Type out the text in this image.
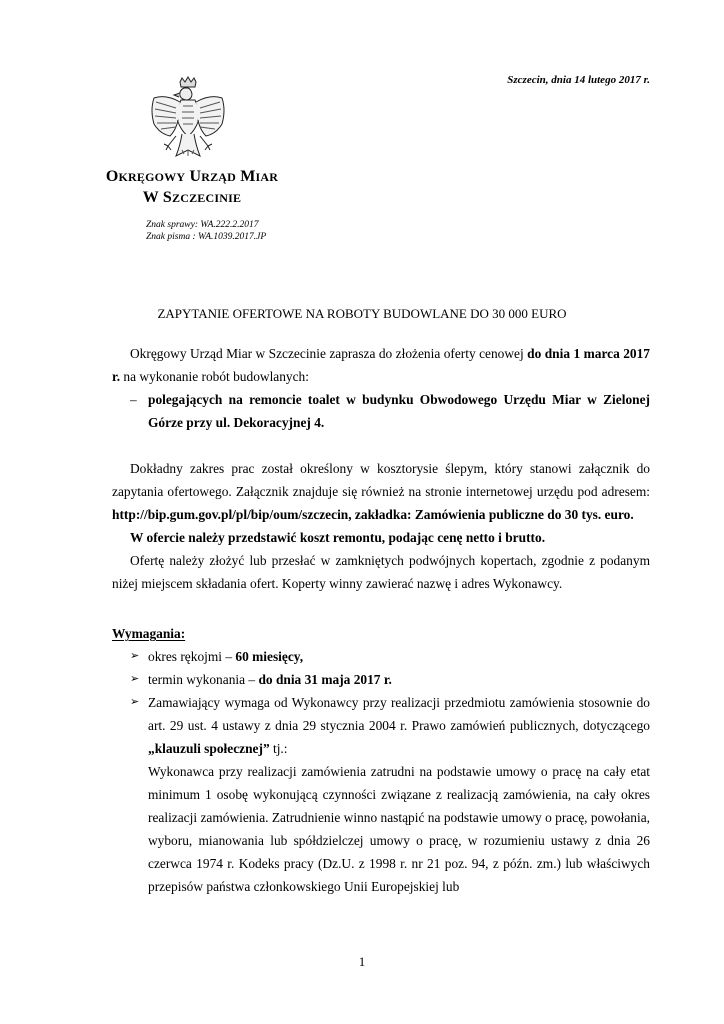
Szczecin, dnia 14 lutego 2017 r.
OKRĘGOWY URZĄD MIAR
W SZCZECINIE
Znak sprawy: WA.222.2.2017
Znak pisma : WA.1039.2017.JP
ZAPYTANIE OFERTOWE NA ROBOTY BUDOWLANE DO 30 000 EURO

Okręgowy Urząd Miar w Szczecinie zaprasza do złożenia oferty cenowej do dnia 1 marca 2017 r. na wykonanie robót budowlanych:

– polegających na remoncie toalet w budynku Obwodowego Urzędu Miar w Zielonej Górze przy ul. Dekoracyjnej 4.

Dokładny zakres prac został określony w kosztorysie ślepym, który stanowi załącznik do zapytania ofertowego. Załącznik znajduje się również na stronie internetowej urzędu pod adresem: http://bip.gum.gov.pl/pl/bip/oum/szczecin, zakładka: Zamówienia publiczne do 30 tys. euro.

W ofercie należy przedstawić koszt remontu, podając cenę netto i brutto.

Ofertę należy złożyć lub przesłać w zamkniętych podwójnych kopertach, zgodnie z podanym niżej miejscem składania ofert. Koperty winny zawierać nazwę i adres Wykonawcy.

Wymagania:

➢ okres rękojmi – 60 miesięcy,
➢ termin wykonania – do dnia 31 maja 2017 r.
➢ Zamawiający wymaga od Wykonawcy przy realizacji przedmiotu zamówienia stosownie do art. 29 ust. 4 ustawy z dnia 29 stycznia 2004 r. Prawo zamówień publicznych, dotyczącego „klauzuli społecznej” tj.:

Wykonawca przy realizacji zamówienia zatrudni na podstawie umowy o pracę na cały etat minimum 1 osobę wykonującą czynności związane z realizacją zamówienia, na cały okres realizacji zamówienia. Zatrudnienie winno nastąpić na podstawie umowy o pracę, powołania, wyboru, mianowania lub spółdzielczej umowy o pracę, w rozumieniu ustawy z dnia 26 czerwca 1974 r. Kodeks pracy (Dz.U. z 1998 r. nr 21 poz. 94, z późn. zm.) lub właściwych przepisów państwa członkowskiego Unii Europejskiej lub

1
